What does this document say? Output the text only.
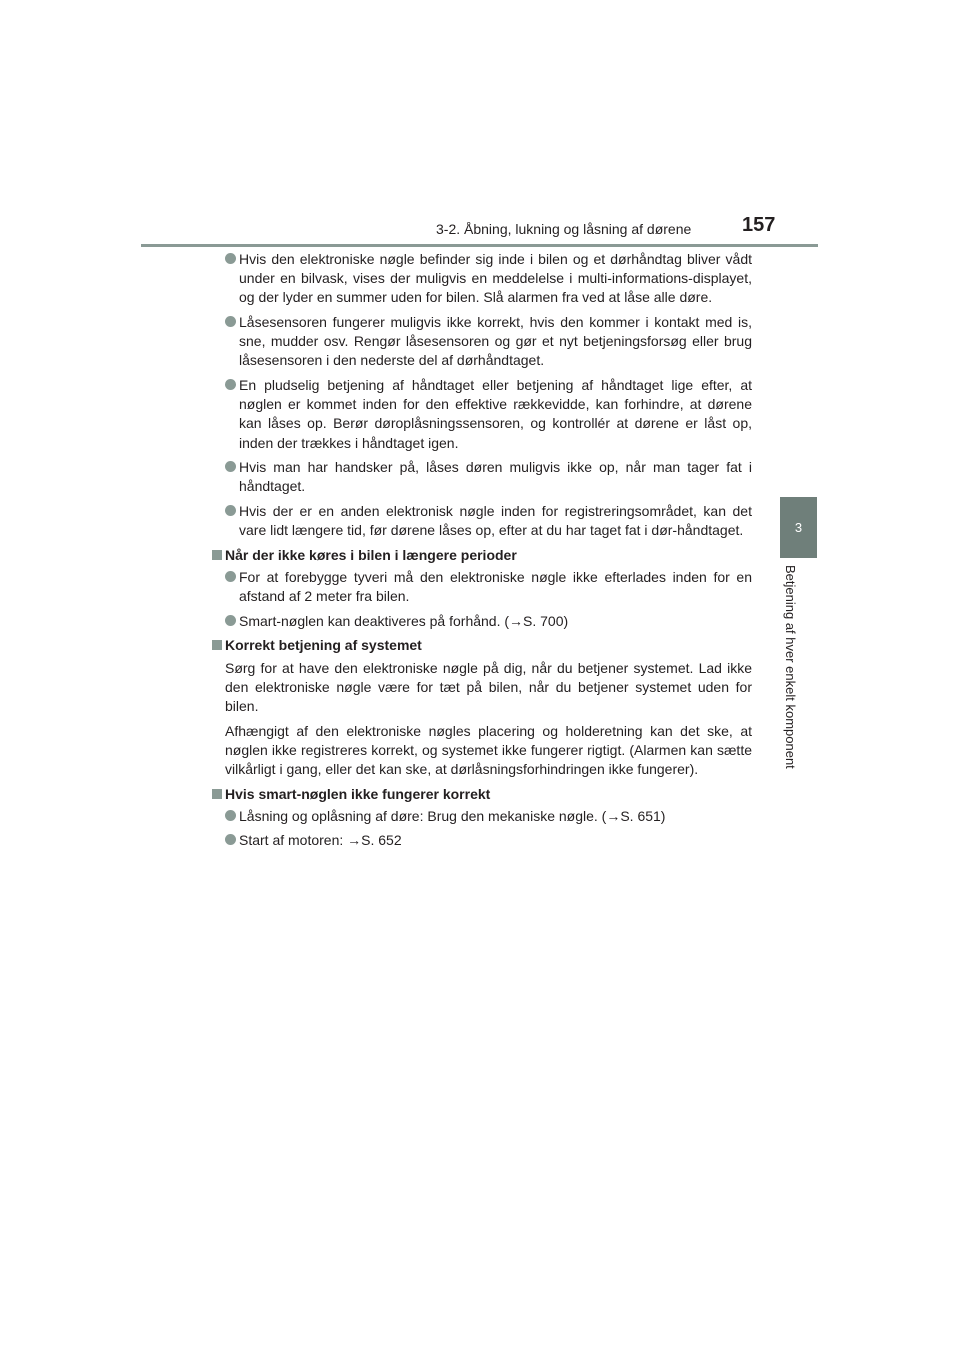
3-2. Åbning, lukning og låsning af dørene	157
3
Betjening af hver enkelt komponent
Hvis den elektroniske nøgle befinder sig inde i bilen og et dørhåndtag bliver vådt under en bilvask, vises der muligvis en meddelelse i multi-informations-displayet, og der lyder en summer uden for bilen. Slå alarmen fra ved at låse alle døre.
Låsesensoren fungerer muligvis ikke korrekt, hvis den kommer i kontakt med is, sne, mudder osv. Rengør låsesensoren og gør et nyt betjeningsforsøg eller brug låsesensoren i den nederste del af dørhåndtaget.
En pludselig betjening af håndtaget eller betjening af håndtaget lige efter, at nøglen er kommet inden for den effektive rækkevidde, kan forhindre, at dørene kan låses op. Berør døroplåsningssensoren, og kontrollér at dørene er låst op, inden der trækkes i håndtaget igen.
Hvis man har handsker på, låses døren muligvis ikke op, når man tager fat i håndtaget.
Hvis der er en anden elektronisk nøgle inden for registreringsområdet, kan det vare lidt længere tid, før dørene låses op, efter at du har taget fat i dør-håndtaget.
Når der ikke køres i bilen i længere perioder
For at forebygge tyveri må den elektroniske nøgle ikke efterlades inden for en afstand af 2 meter fra bilen.
Smart-nøglen kan deaktiveres på forhånd. (→S. 700)
Korrekt betjening af systemet
Sørg for at have den elektroniske nøgle på dig, når du betjener systemet. Lad ikke den elektroniske nøgle være for tæt på bilen, når du betjener systemet uden for bilen.
Afhængigt af den elektroniske nøgles placering og holderetning kan det ske, at nøglen ikke registreres korrekt, og systemet ikke fungerer rigtigt. (Alarmen kan sætte vilkårligt i gang, eller det kan ske, at dørlåsningsforhindringen ikke fungerer).
Hvis smart-nøglen ikke fungerer korrekt
Låsning og oplåsning af døre: Brug den mekaniske nøgle. (→S. 651)
Start af motoren: →S. 652
